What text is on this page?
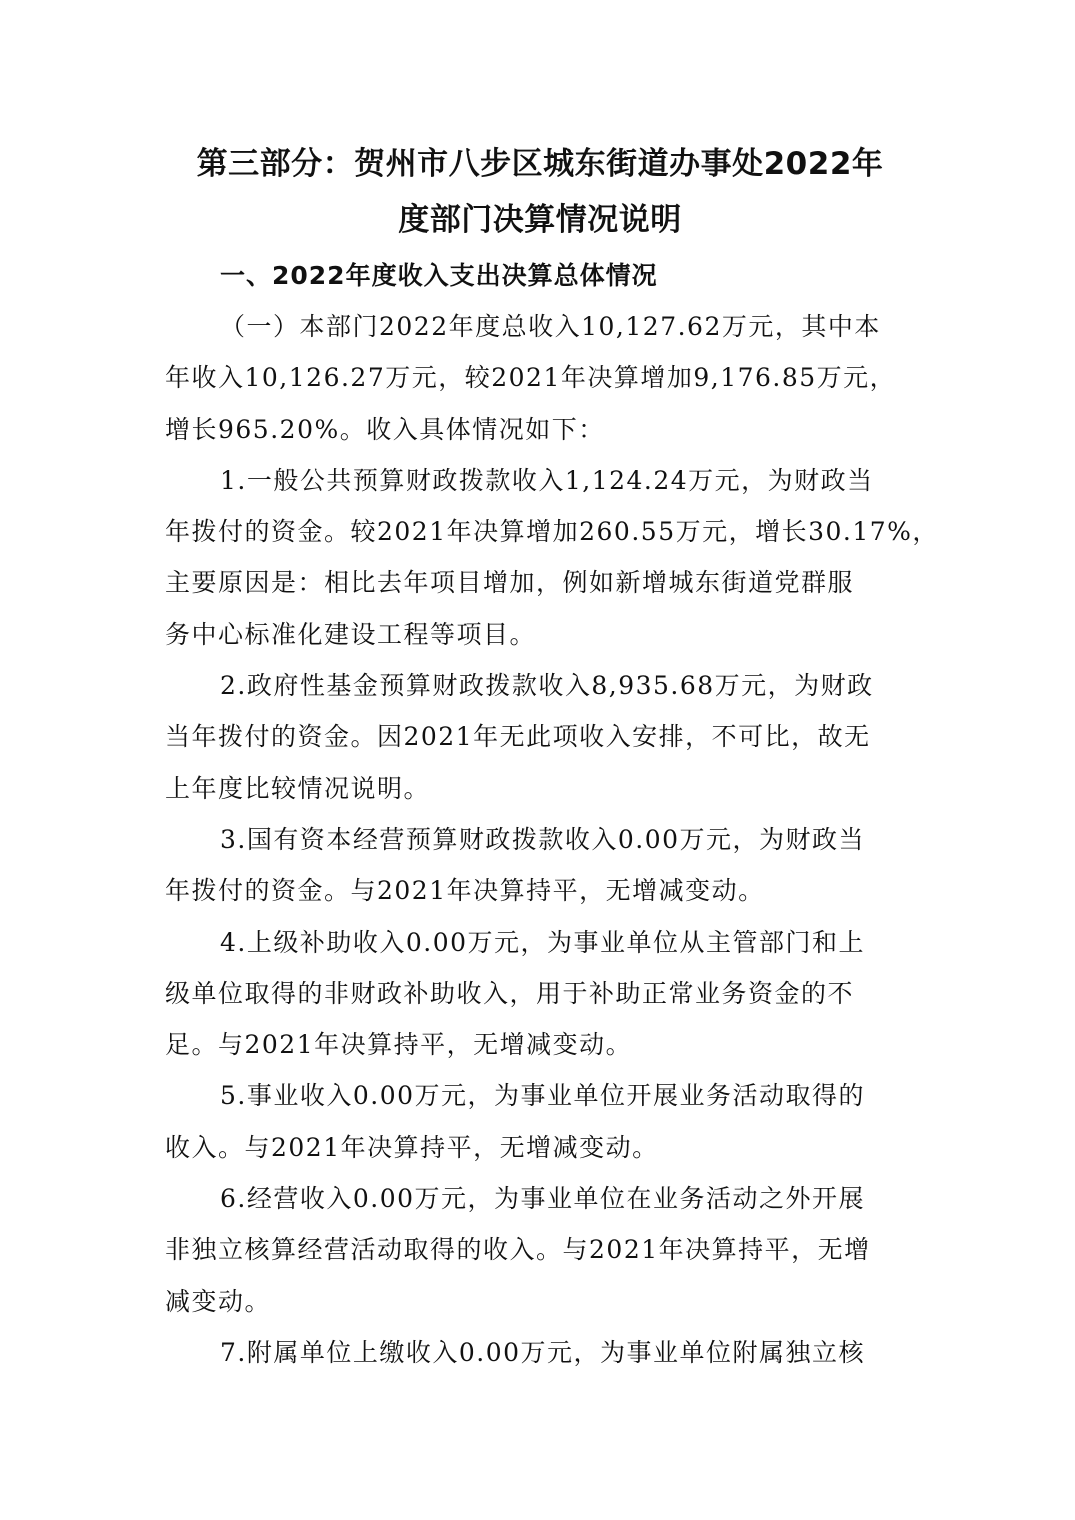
第三部分：贺州市八步区城东街道办事处2022年
度部门决算情况说明
一、2022年度收入支出决算总体情况

（一）本部门2022年度总收入10,127.62万元，其中本
年收入10,126.27万元，较2021年决算增加9,176.85万元，
增长965.20%。收入具体情况如下：

1.一般公共预算财政拨款收入1,124.24万元，为财政当
年拨付的资金。较2021年决算增加260.55万元，增长30.17%，
主要原因是：相比去年项目增加，例如新增城东街道党群服
务中心标准化建设工程等项目。

2.政府性基金预算财政拨款收入8,935.68万元，为财政
当年拨付的资金。因2021年无此项收入安排，不可比，故无
上年度比较情况说明。

3.国有资本经营预算财政拨款收入0.00万元，为财政当
年拨付的资金。与2021年决算持平，无增减变动。

4.上级补助收入0.00万元，为事业单位从主管部门和上
级单位取得的非财政补助收入，用于补助正常业务资金的不
足。与2021年决算持平，无增减变动。

5.事业收入0.00万元，为事业单位开展业务活动取得的
收入。与2021年决算持平，无增减变动。

6.经营收入0.00万元，为事业单位在业务活动之外开展
非独立核算经营活动取得的收入。与2021年决算持平，无增
减变动。

7.附属单位上缴收入0.00万元，为事业单位附属独立核
